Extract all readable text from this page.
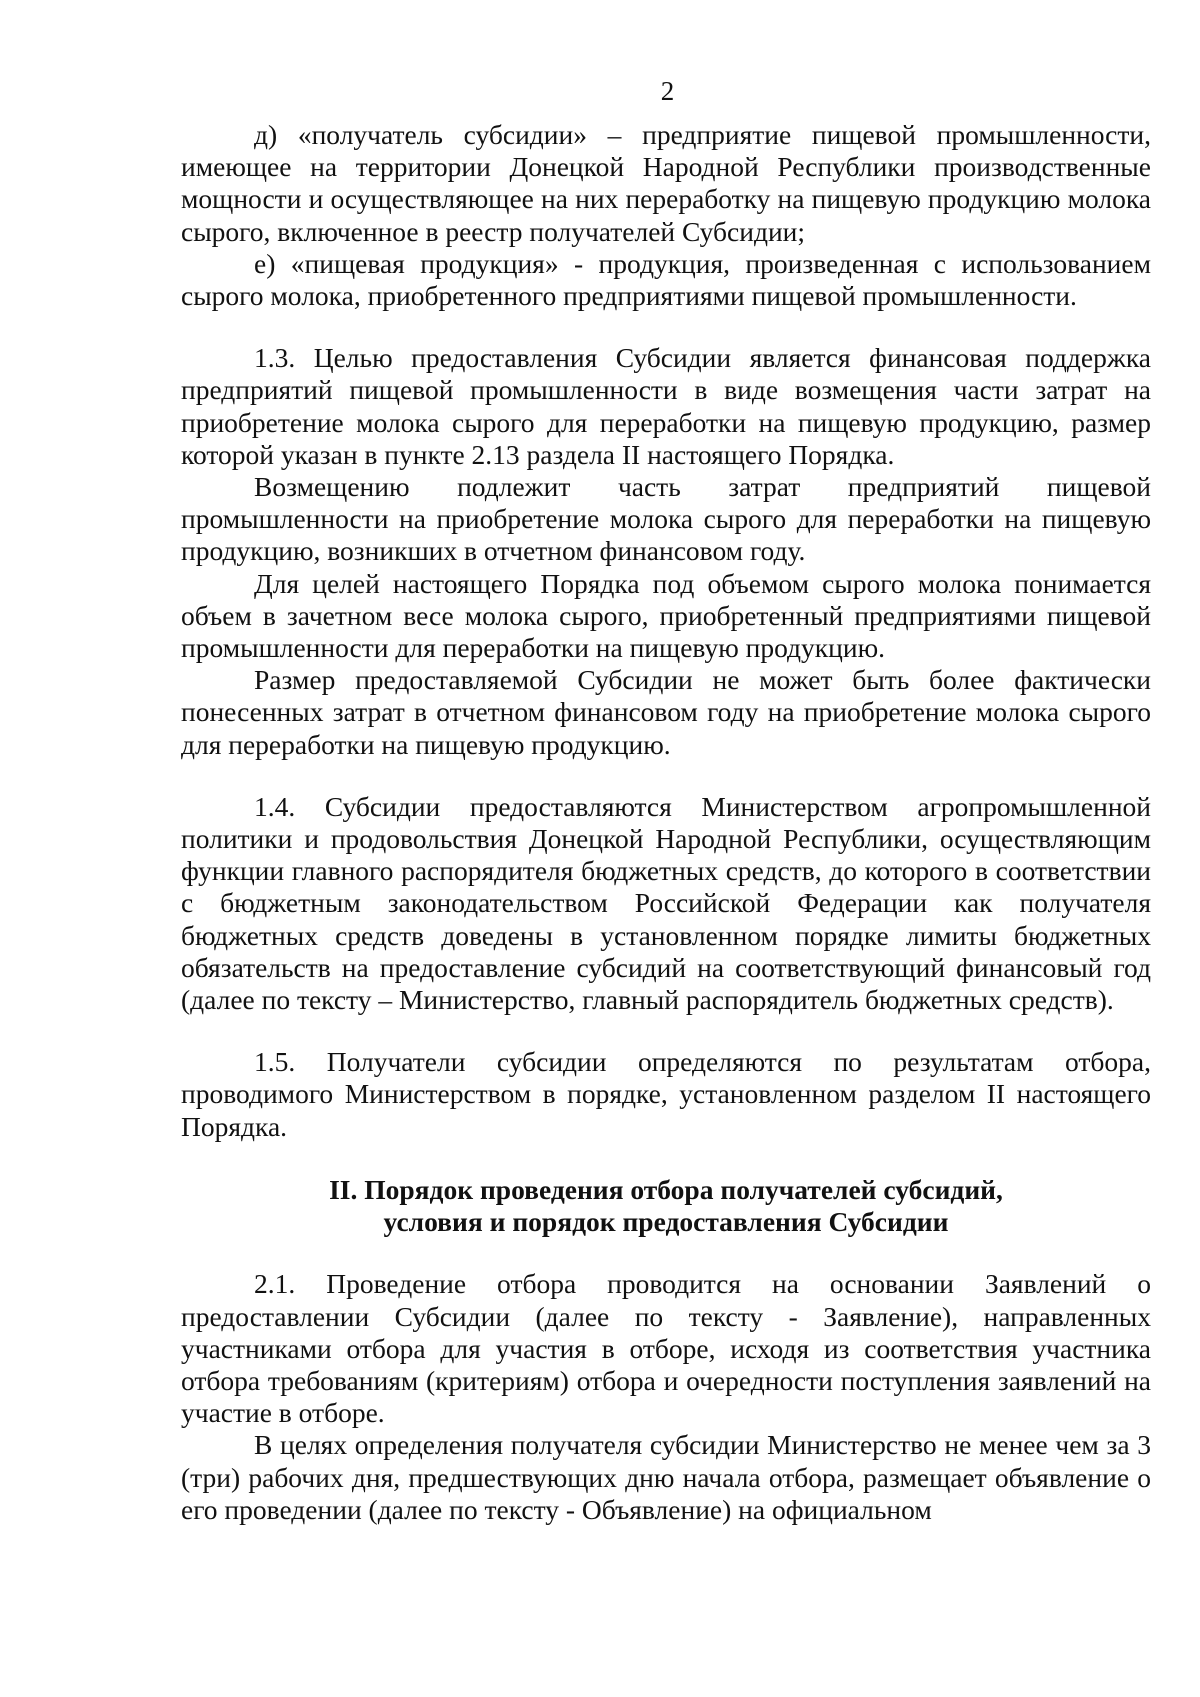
2

д) «получатель субсидии» – предприятие пищевой промышленности, имеющее на территории Донецкой Народной Республики производственные мощности и осуществляющее на них переработку на пищевую продукцию молока сырого, включенное в реестр получателей Субсидии;

е) «пищевая продукция» - продукция, произведенная с использованием сырого молока, приобретенного предприятиями пищевой промышленности.

1.3. Целью предоставления Субсидии является финансовая поддержка предприятий пищевой промышленности в виде возмещения части затрат на приобретение молока сырого для переработки на пищевую продукцию, размер которой указан в пункте 2.13 раздела II настоящего Порядка.

Возмещению подлежит часть затрат предприятий пищевой промышленности на приобретение молока сырого для переработки на пищевую продукцию, возникших в отчетном финансовом году.

Для целей настоящего Порядка под объемом сырого молока понимается объем в зачетном весе молока сырого, приобретенный предприятиями пищевой промышленности для переработки на пищевую продукцию.

Размер предоставляемой Субсидии не может быть более фактически понесенных затрат в отчетном финансовом году на приобретение молока сырого для переработки на пищевую продукцию.

1.4. Субсидии предоставляются Министерством агропромышленной политики и продовольствия Донецкой Народной Республики, осуществляющим функции главного распорядителя бюджетных средств, до которого в соответствии с бюджетным законодательством Российской Федерации как получателя бюджетных средств доведены в установленном порядке лимиты бюджетных обязательств на предоставление субсидий на соответствующий финансовый год (далее по тексту – Министерство, главный распорядитель бюджетных средств).

1.5. Получатели субсидии определяются по результатам отбора, проводимого Министерством в порядке, установленном разделом II настоящего Порядка.

II. Порядок проведения отбора получателей субсидий,
условия и порядок предоставления Субсидии

2.1. Проведение отбора проводится на основании Заявлений о предоставлении Субсидии (далее по тексту - Заявление), направленных участниками отбора для участия в отборе, исходя из соответствия участника отбора требованиям (критериям) отбора и очередности поступления заявлений на участие в отборе.

В целях определения получателя субсидии Министерство не менее чем за 3 (три) рабочих дня, предшествующих дню начала отбора, размещает объявление о его проведении (далее по тексту - Объявление) на официальном
